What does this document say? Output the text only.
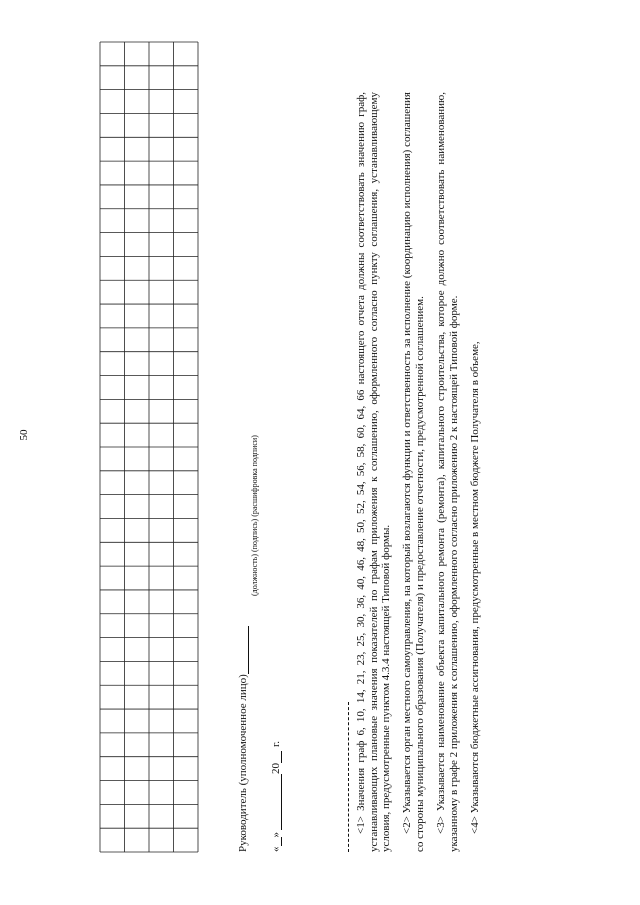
50
Руководитель (уполномоченное лицо)
(должность) (подпись) (расшифровка подписи)
«
»
20
г.	<1> Значения граф 6, 10, 14, 21, 23, 25, 30, 36, 40, 46, 48, 50, 52, 54, 56, 58, 60, 64, 66 настоящего отчета должны соответствовать значению граф, устанавливающих плановые значения показателей по графам приложения к соглашению, оформленного согласно пункту соглашения, устанавливающему условия, предусмотренные пунктом 4.3.4 настоящей Типовой формы. <2> Указывается орган местного самоуправления, на который возлагаются функции и ответственность за исполнение (координацию исполнения) соглашения со стороны муниципального образования (Получателя) и предоставление отчетности, предусмотренной соглашением. <3> Указывается наименование объекта капитального ремонта (ремонта), капитального строительства, которое должно соответствовать наименованию, указанному в графе 2 приложения к соглашению, оформленного согласно приложению 2 к настоящей Типовой форме. <4> Указываются бюджетные ассигнования, предусмотренные в местном бюджете Получателя в объеме,
